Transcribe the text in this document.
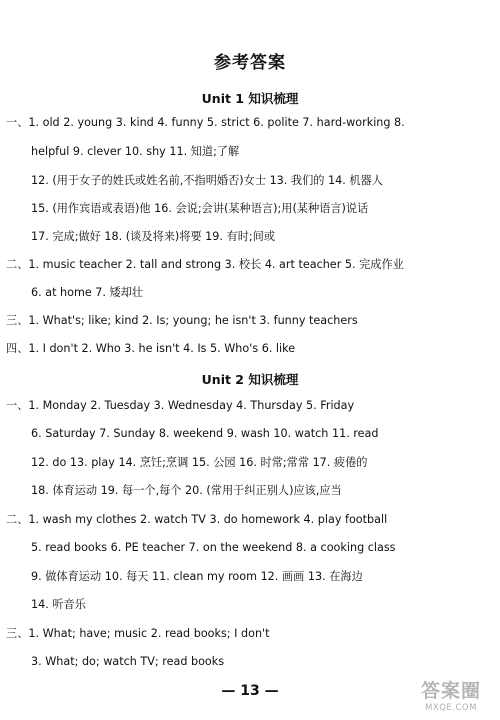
参考答案
Unit 1 知识梳理
一、1. old 2. young 3. kind 4. funny 5. strict 6. polite 7. hard-working 8.
helpful 9. clever 10. shy 11. 知道;了解
12. (用于女子的姓氏或姓名前,不指明婚否)女士 13. 我们的 14. 机器人
15. (用作宾语或表语)他 16. 会说;会讲(某种语言);用(某种语言)说话
17. 完成;做好 18. (谈及将来)将要 19. 有时;间或
二、1. music teacher 2. tall and strong 3. 校长 4. art teacher 5. 完成作业
6. at home 7. 矮却壮
三、1. What's; like; kind 2. Is; young; he isn't 3. funny teachers
四、1. I don't 2. Who 3. he isn't 4. Is 5. Who's 6. like
Unit 2 知识梳理
一、1. Monday 2. Tuesday 3. Wednesday 4. Thursday 5. Friday
6. Saturday 7. Sunday 8. weekend 9. wash 10. watch 11. read
12. do 13. play 14. 烹饪;烹调 15. 公园 16. 时常;常常 17. 疲倦的
18. 体育运动 19. 每一个,每个 20. (常用于纠正别人)应该,应当
二、1. wash my clothes 2. watch TV 3. do homework 4. play football
5. read books 6. PE teacher 7. on the weekend 8. a cooking class
9. 做体育运动 10. 每天 11. clean my room 12. 画画 13. 在海边
14. 听音乐
三、1. What; have; music 2. read books; I don't
3. What; do; watch TV; read books
— 13 —	答案圈
MXQE.COM
